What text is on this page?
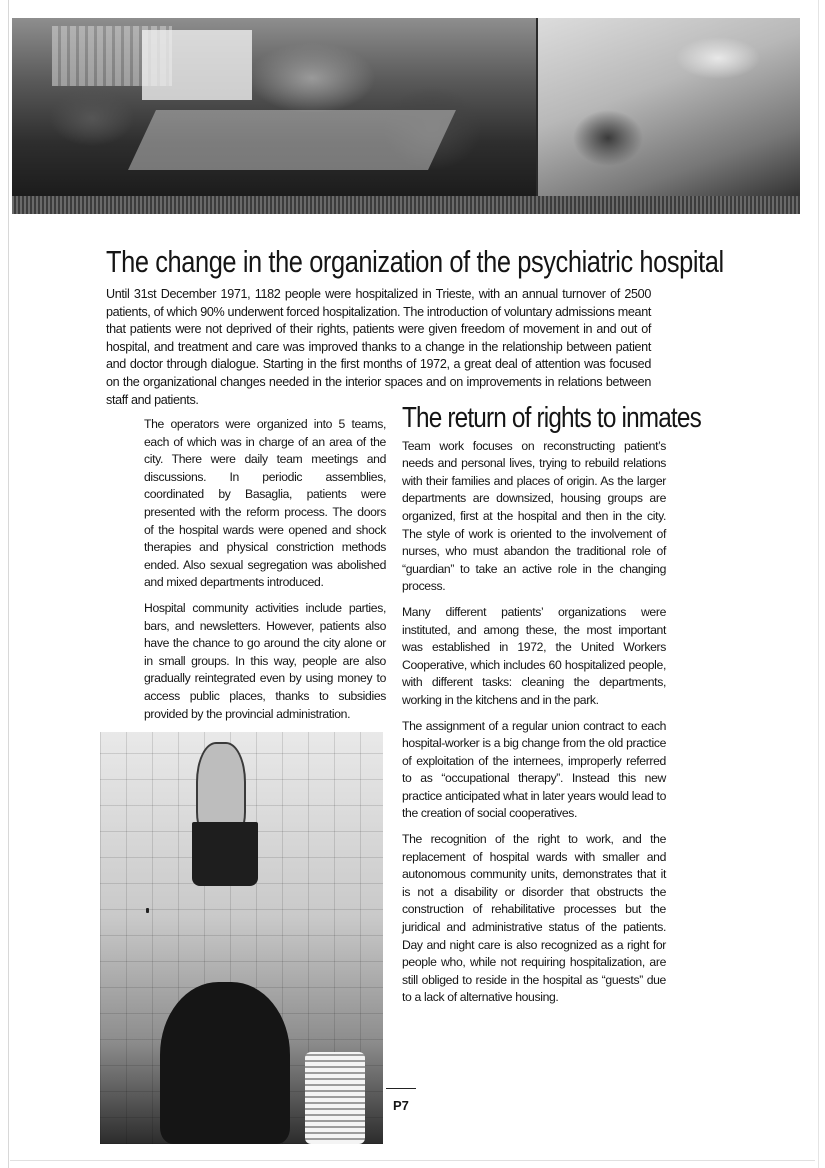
The change in the organization of the psychiatric hospital

Until 31st December 1971, 1182 people were hospitalized in Trieste, with an annual turnover of 2500 patients, of which 90% underwent forced hospitalization. The introduction of voluntary admissions meant that patients were not deprived of their rights, patients were given freedom of movement in and out of hospital, and treatment and care was improved thanks to a change in the relationship between patient and doctor through dialogue. Starting in the first months of 1972, a great deal of attention was focused on the organizational changes needed in the interior spaces and on improvements in relations between staff and patients.

The operators were organized into 5 teams, each of which was in charge of an area of the city. There were daily team meetings and discussions. In periodic assemblies, coordinated by Basaglia, patients were presented with the reform process. The doors of the hospital wards were opened and shock therapies and physical constriction methods ended. Also sexual segregation was abolished and mixed departments introduced.

Hospital community activities include parties, bars, and newsletters. However, patients also have the chance to go around the city alone or in small groups. In this way, people are also gradually reintegrated even by using money to access public places, thanks to subsidies provided by the provincial administration.

The return of rights to inmates

Team work focuses on reconstructing patient’s needs and personal lives, trying to rebuild relations with their families and places of origin. As the larger departments are downsized, housing groups are organized, first at the hospital and then in the city. The style of work is oriented to the involvement of nurses, who must abandon the traditional role of “guardian” to take an active role in the changing process.

Many different patients’ organizations were instituted, and among these, the most important was established in 1972, the United Workers Cooperative, which includes 60 hospitalized people, with different tasks: cleaning the departments, working in the kitchens and in the park.

The assignment of a regular union contract to each hospital-worker is a big change from the old practice of exploitation of the internees, improperly referred to as “occupational therapy”. Instead this new practice anticipated what in later years would lead to the creation of social cooperatives.

The recognition of the right to work, and the replacement of hospital wards with smaller and autonomous community units, demonstrates that it is not a disability or disorder that obstructs the construction of rehabilitative processes but the juridical and administrative status of the patients. Day and night care is also recognized as a right for people who, while not requiring hospitalization, are still obliged to reside in the hospital as “guests” due to a lack of alternative housing.

P7
